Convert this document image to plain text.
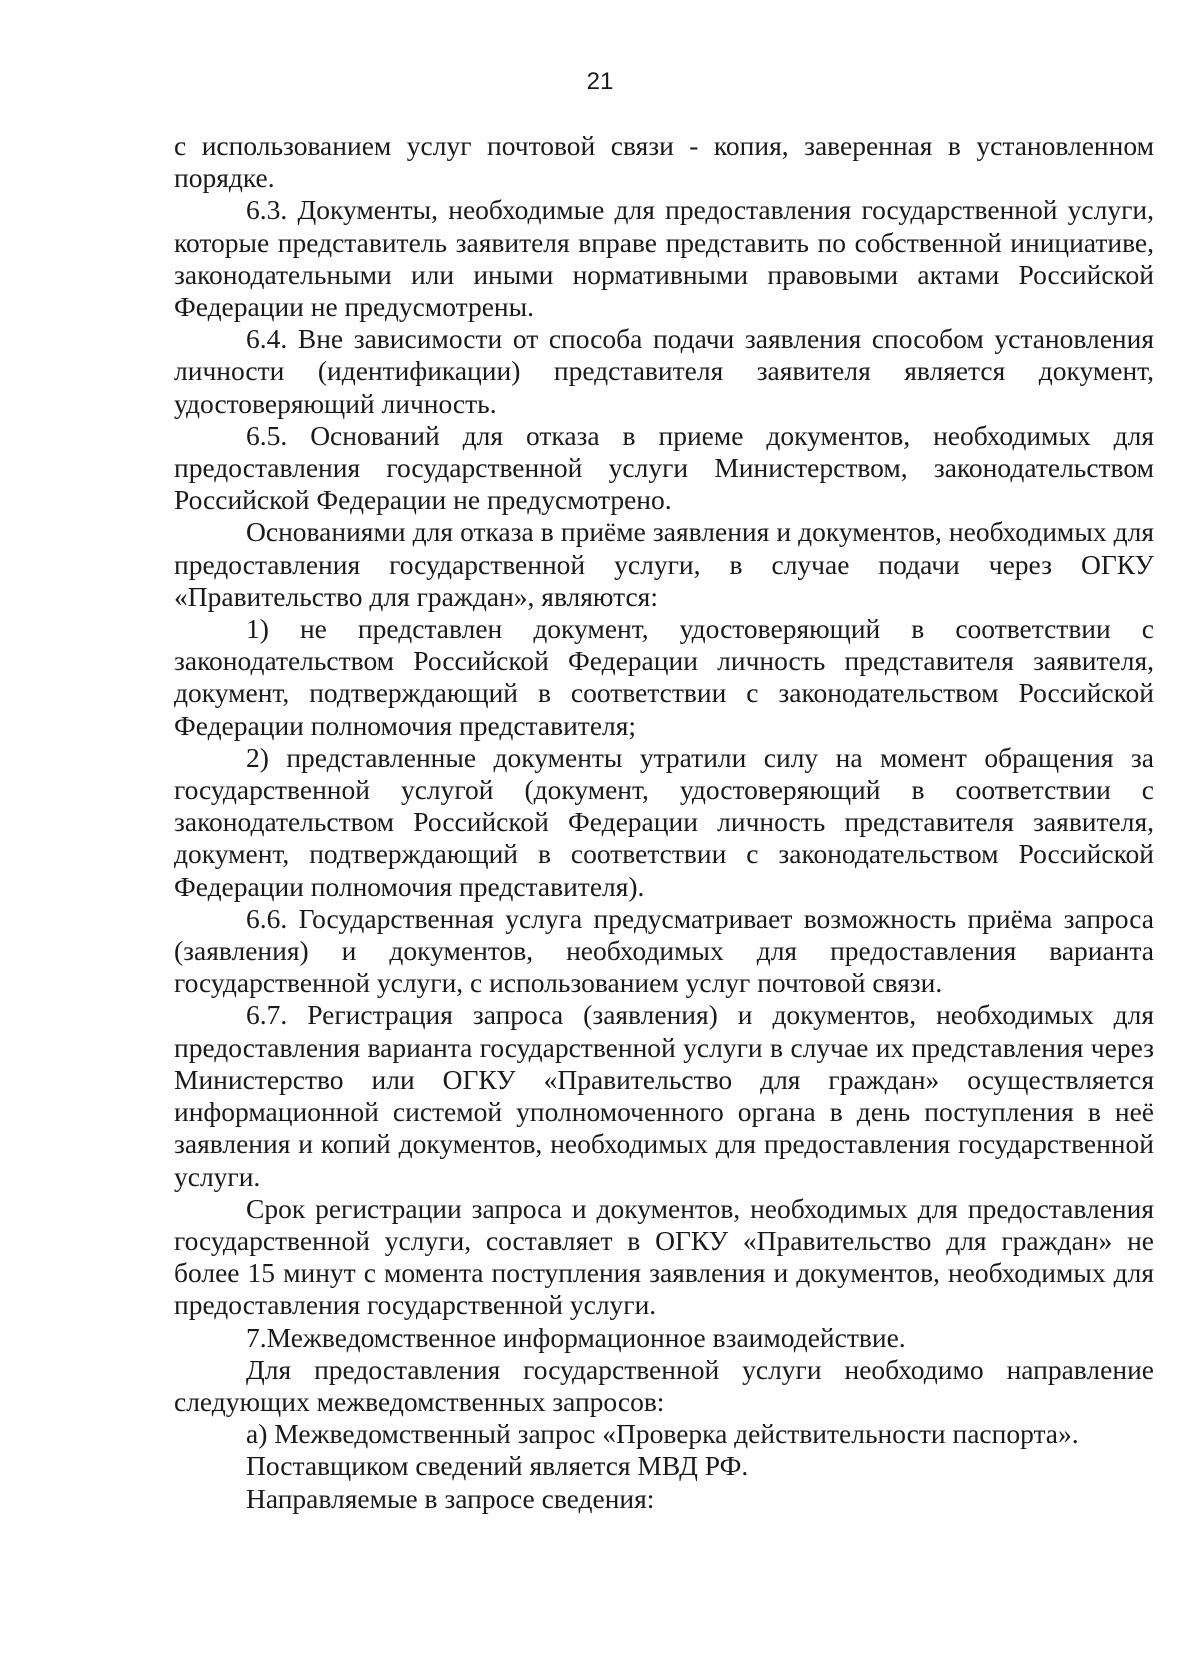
21

с использованием услуг почтовой связи - копия, заверенная в установленном порядке.

6.3. Документы, необходимые для предоставления государственной услуги, которые представитель заявителя вправе представить по собственной инициативе, законодательными или иными нормативными правовыми актами Российской Федерации не предусмотрены.

6.4. Вне зависимости от способа подачи заявления способом установления личности (идентификации) представителя заявителя является документ, удостоверяющий личность.

6.5. Оснований для отказа в приеме документов, необходимых для предоставления государственной услуги Министерством, законодательством Российской Федерации не предусмотрено.

Основаниями для отказа в приёме заявления и документов, необходимых для предоставления государственной услуги, в случае подачи через ОГКУ «Правительство для граждан», являются:

1) не представлен документ, удостоверяющий в соответствии с законодательством Российской Федерации личность представителя заявителя, документ, подтверждающий в соответствии с законодательством Российской Федерации полномочия представителя;

2) представленные документы утратили силу на момент обращения за государственной услугой (документ, удостоверяющий в соответствии с законодательством Российской Федерации личность представителя заявителя, документ, подтверждающий в соответствии с законодательством Российской Федерации полномочия представителя).

6.6. Государственная услуга предусматривает возможность приёма запроса (заявления) и документов, необходимых для предоставления варианта государственной услуги, с использованием услуг почтовой связи.

6.7. Регистрация запроса (заявления) и документов, необходимых для предоставления варианта государственной услуги в случае их представления через Министерство или ОГКУ «Правительство для граждан» осуществляется информационной системой уполномоченного органа в день поступления в неё заявления и копий документов, необходимых для предоставления государственной услуги.

Срок регистрации запроса и документов, необходимых для предоставления государственной услуги, составляет в ОГКУ «Правительство для граждан» не более 15 минут с момента поступления заявления и документов, необходимых для предоставления государственной услуги.

7.Межведомственное информационное взаимодействие.

Для предоставления государственной услуги необходимо направление следующих межведомственных запросов:

а) Межведомственный запрос «Проверка действительности паспорта».

Поставщиком сведений является МВД РФ.

Направляемые в запросе сведения:
